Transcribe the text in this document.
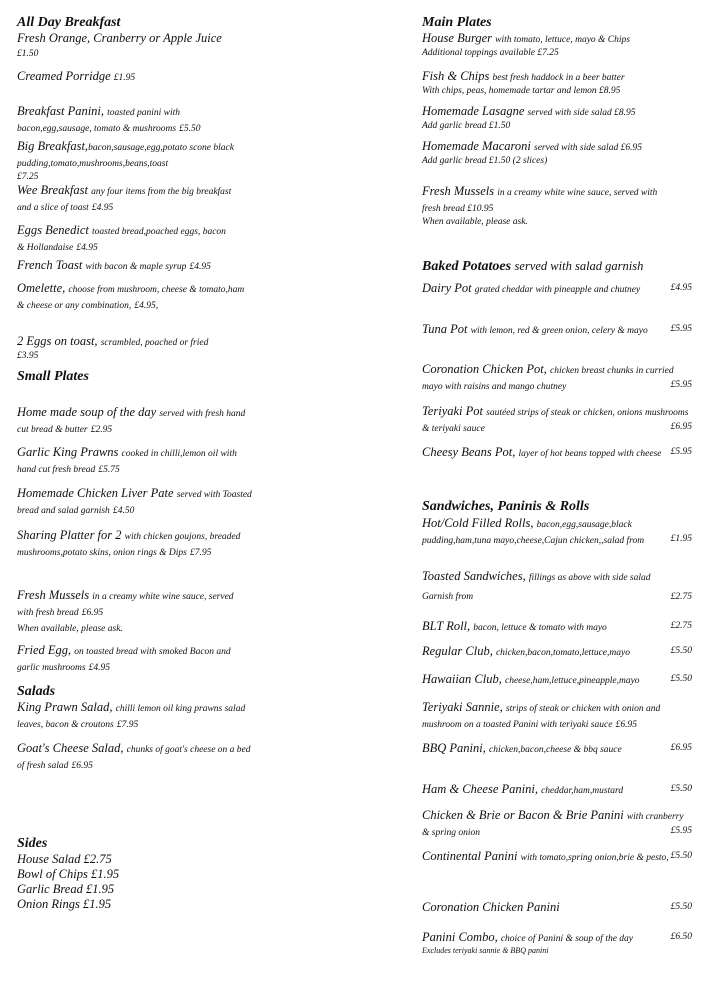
All Day Breakfast
Fresh Orange, Cranberry or Apple Juice £1.50
Creamed Porridge £1.95
Breakfast Panini, toasted panini with bacon,egg,sausage, tomato & mushrooms £5.50
Big Breakfast,bacon,sausage,egg,potato scone black pudding,tomato,mushrooms,beans,toast
£7.25
Wee Breakfast any four items from the big breakfast and a slice of toast £4.95
Eggs Benedict toasted bread,poached eggs, bacon & Hollandaise £4.95
French Toast with bacon & maple syrup £4.95
Omelette, choose from mushroom, cheese & tomato,ham & cheese or any combination, £4.95,
2 Eggs on toast, scrambled, poached or fried
£3.95
Small Plates
Home made soup of the day served with fresh hand cut bread & butter £2.95
Garlic King Prawns cooked in chilli,lemon oil with hand cut fresh bread £5.75
Homemade Chicken Liver Pate served with Toasted bread and salad garnish £4.50
Sharing Platter for 2 with chicken goujons, breaded mushrooms,potato skins, onion rings & Dips £7.95
Fresh Mussels in a creamy white wine sauce, served with fresh bread £6.95
When available, please ask.
Fried Egg, on toasted bread with smoked Bacon and garlic mushrooms £4.95
Salads
King Prawn Salad, chilli lemon oil king prawns salad leaves, bacon & croutons £7.95
Goat's Cheese Salad, chunks of goat's cheese on a bed of fresh salad £6.95
Sides
House Salad £2.75
Bowl of Chips £1.95
Garlic Bread £1.95
Onion Rings £1.95
Main Plates
House Burger with tomato, lettuce, mayo & Chips
Additional toppings available £7.25
Fish & Chips best fresh haddock in a beer batter
With chips, peas, homemade tartar and lemon £8.95
Homemade Lasagne served with side salad £8.95
Add garlic bread £1.50
Homemade Macaroni served with side salad £6.95
Add garlic bread £1.50 (2 slices)
Fresh Mussels in a creamy white wine sauce, served with fresh bread £10.95
When available, please ask.
Baked Potatoes served with salad garnish
Dairy Pot grated cheddar with pineapple and chutney	£4.95
Tuna Pot with lemon, red & green onion, celery & mayo £5.95
Coronation Chicken Pot, chicken breast chunks in curried mayo with raisins and mango chutney	£5.95
Teriyaki Pot sautéed strips of steak or chicken, onions mushrooms & teriyaki sauce	£6.95
Cheesy Beans Pot, layer of hot beans topped with cheese £5.95
Sandwiches, Paninis & Rolls
Hot/Cold Filled Rolls, bacon,egg,sausage,black pudding,ham,tuna mayo,cheese,Cajun chicken,,salad from	£1.95
Toasted Sandwiches, fillings as above with side salad
Garnish from	£2.75
BLT Roll, bacon, lettuce & tomato with mayo	£2.75
Regular Club, chicken,bacon,tomato,lettuce,mayo	£5.50
Hawaiian Club, cheese,ham,lettuce,pineapple,mayo	£5.50
Teriyaki Sannie, strips of steak or chicken with onion and mushroom on a toasted Panini with teriyaki sauce £6.95
BBQ Panini, chicken,bacon,cheese & bbq sauce	£6.95
Ham & Cheese Panini, cheddar,ham,mustard	£5.50
Chicken & Brie or Bacon & Brie Panini with cranberry & spring onion	£5.95
Continental Panini with tomato,spring onion,brie & pesto, £5.50
Coronation Chicken Panini	£5.50
Panini Combo, choice of Panini & soup of the day	£6.50
Excludes teriyaki sannie & BBQ panini
